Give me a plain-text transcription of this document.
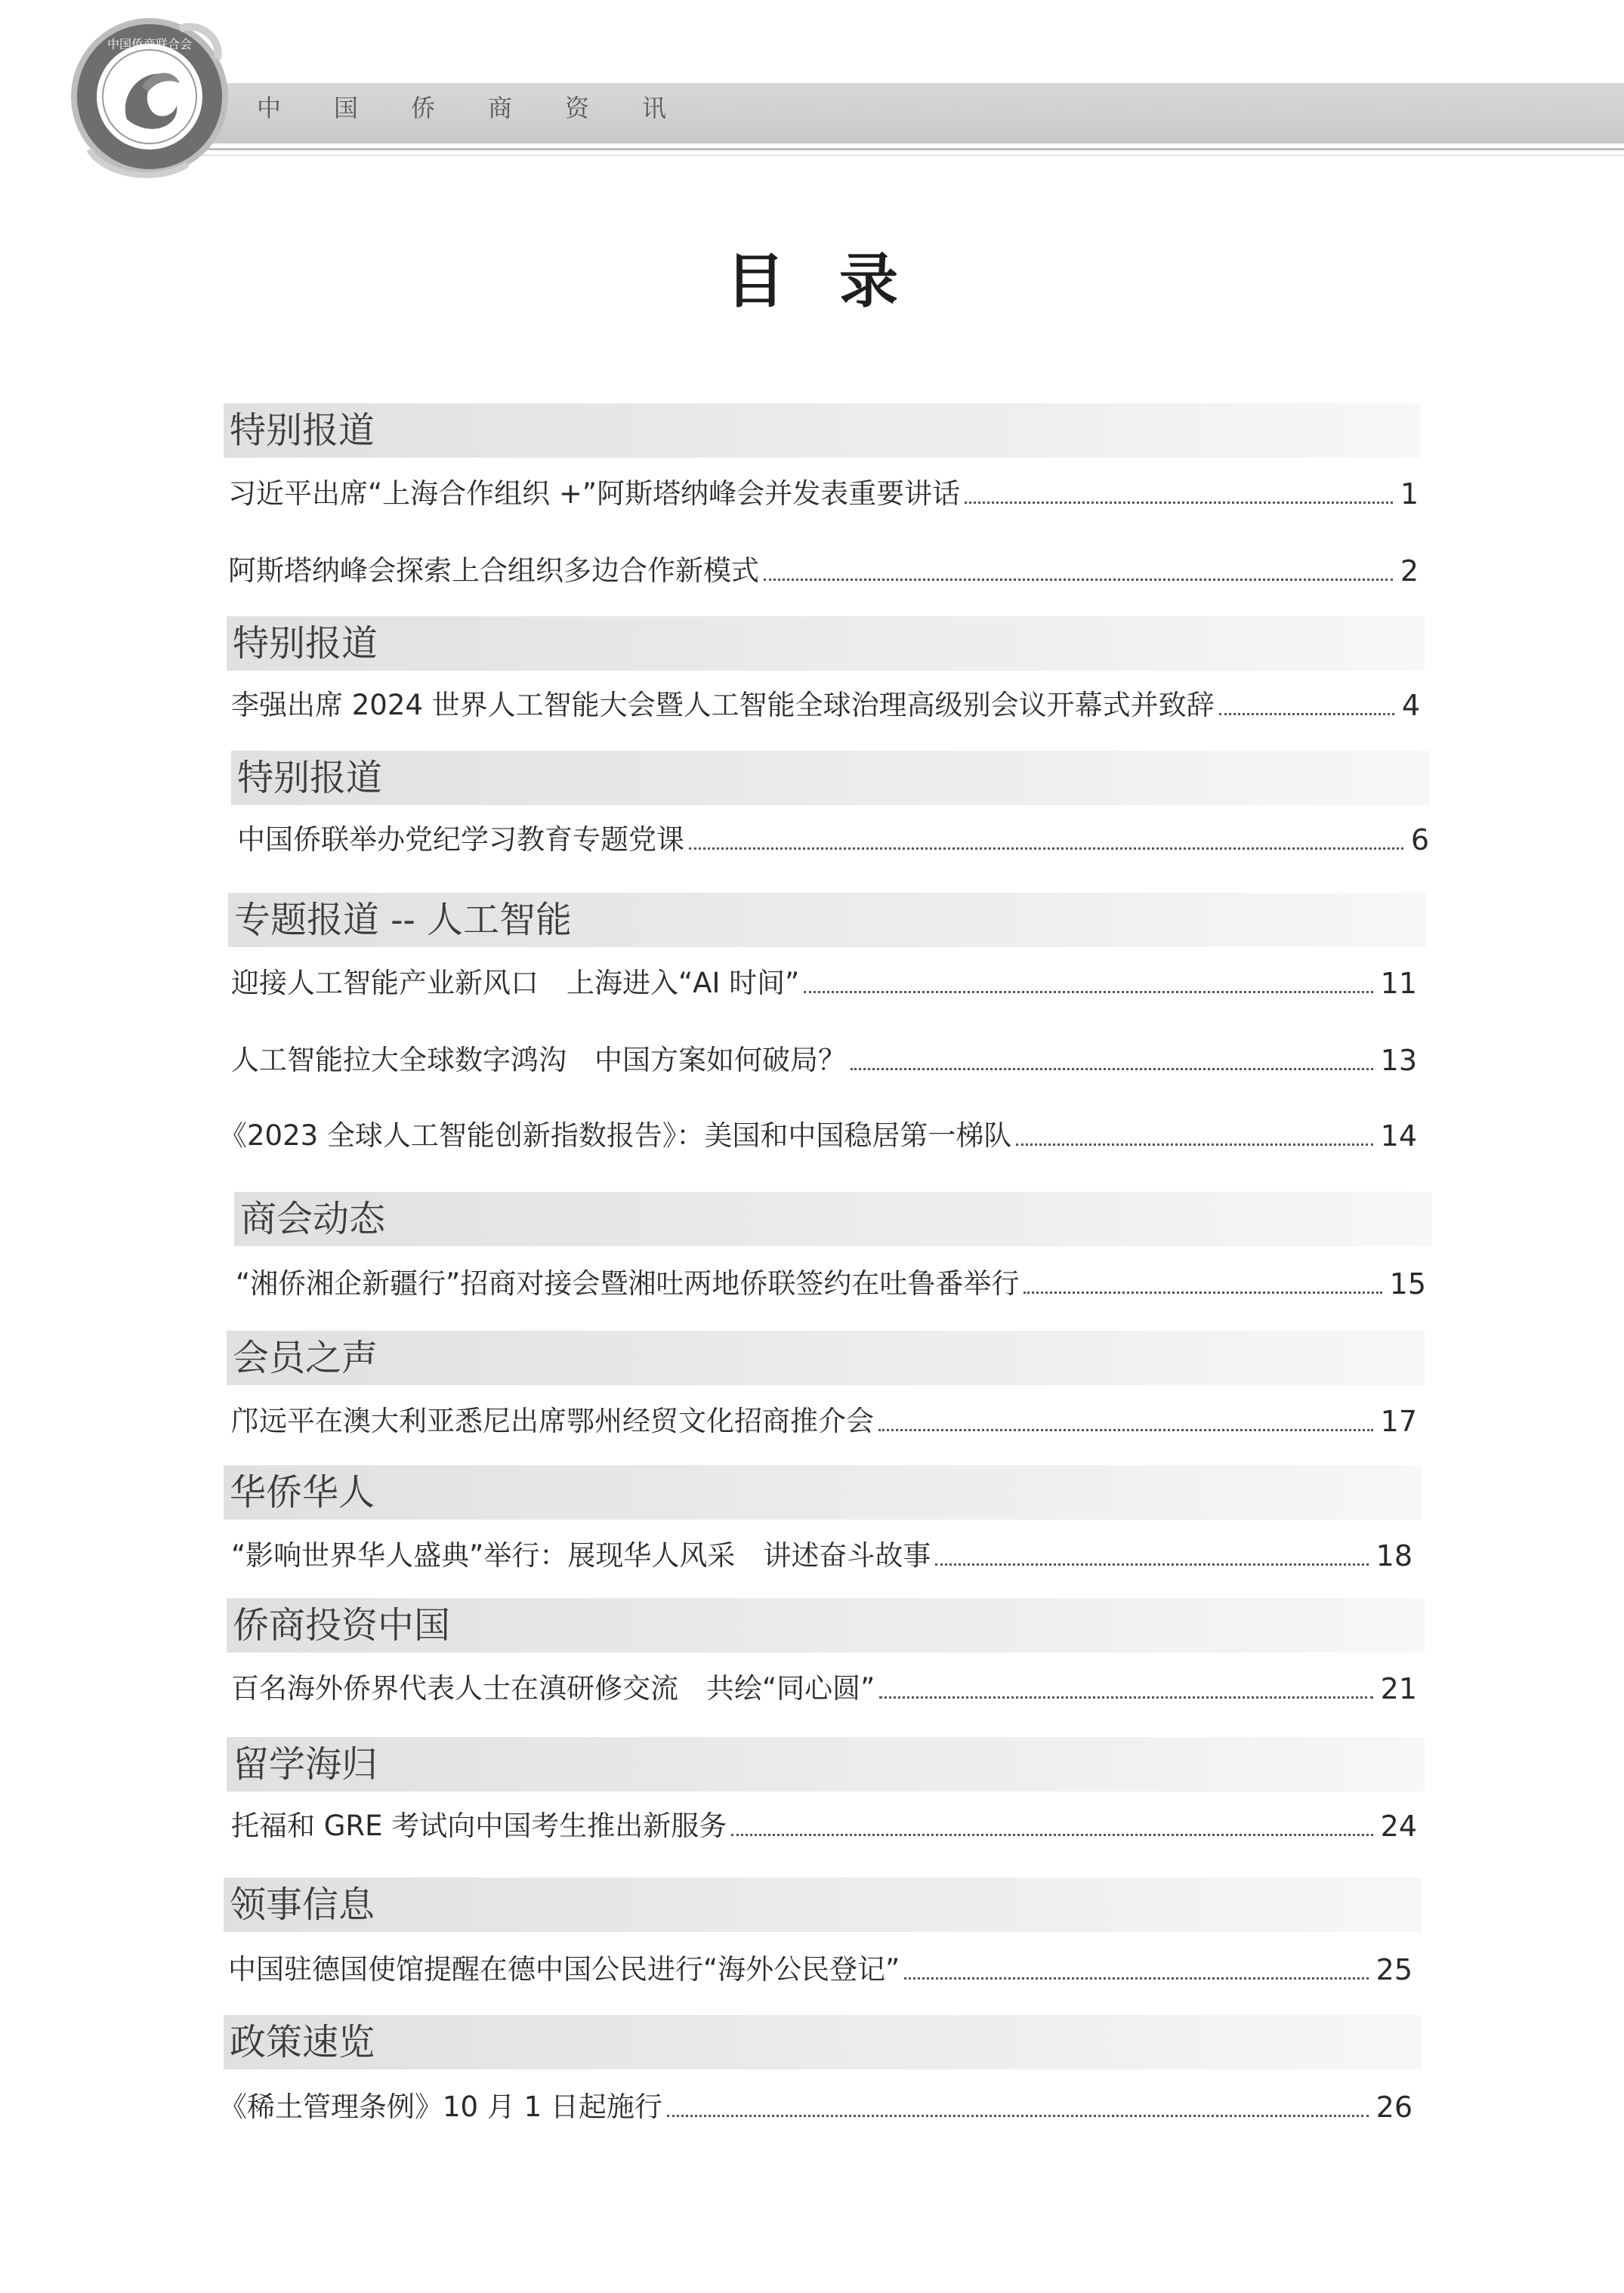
中国侨商资讯
中国侨商联合会
目录
特别报道
习近平出席“上海合作组织 +”阿斯塔纳峰会并发表重要讲话	1
阿斯塔纳峰会探索上合组织多边合作新模式	2
特别报道
李强出席 2024 世界人工智能大会暨人工智能全球治理高级别会议开幕式并致辞	4
特别报道
中国侨联举办党纪学习教育专题党课	6
专题报道 -- 人工智能
迎接人工智能产业新风口　上海进入“AI 时间”	11
人工智能拉大全球数字鸿沟　中国方案如何破局？	13
《2023 全球人工智能创新指数报告》：美国和中国稳居第一梯队	14
商会动态
“湘侨湘企新疆行”招商对接会暨湘吐两地侨联签约在吐鲁番举行	15
会员之声
邝远平在澳大利亚悉尼出席鄂州经贸文化招商推介会	17
华侨华人
“影响世界华人盛典”举行：展现华人风采　讲述奋斗故事	18
侨商投资中国
百名海外侨界代表人士在滇研修交流　共绘“同心圆”	21
留学海归
托福和 GRE 考试向中国考生推出新服务	24
领事信息
中国驻德国使馆提醒在德中国公民进行“海外公民登记”	25
政策速览
《稀土管理条例》10 月 1 日起施行	26
